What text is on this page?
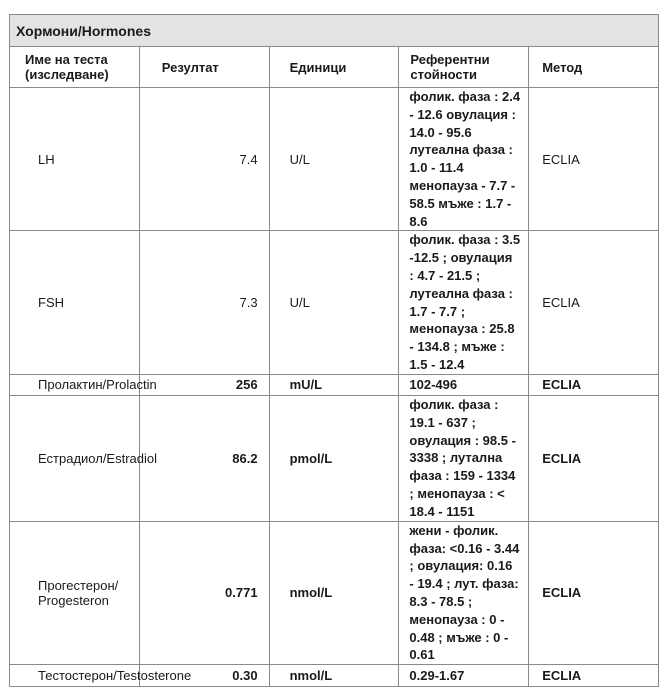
Хормони/Hormones				
Име на теста (изследване)	Резултат	Единици	Референтни стойности	Метод
LH	7.4	U/L	фолик. фаза : 2.4 - 12.6 овулация : 14.0 - 95.6 лутеална фаза : 1.0 - 11.4 менопауза - 7.7 - 58.5 мъже : 1.7 - 8.6	ECLIA
FSH	7.3	U/L	фолик. фаза : 3.5 -12.5 ; овулация : 4.7 - 21.5 ; лутеална фаза : 1.7 - 7.7 ; менопауза : 25.8 - 134.8 ; мъже : 1.5 - 12.4	ECLIA
Пролактин/Prolactin	256	mU/L	102-496	ECLIA
Естрадиол/Estradiol	86.2	pmol/L	фолик. фаза : 19.1 - 637 ; овулация : 98.5 - 3338 ; лутална фаза : 159 - 1334 ; менопауза : < 18.4 - 1151	ECLIA
Прогестерон/ Progesteron	0.771	nmol/L	жени - фолик. фаза: <0.16 - 3.44 ; овулация: 0.16 - 19.4 ; лут. фаза: 8.3 - 78.5 ; менопауза : 0 - 0.48 ; мъже : 0 - 0.61	ECLIA
Тестостерон/Testosterone	0.30	nmol/L	0.29-1.67	ECLIA
